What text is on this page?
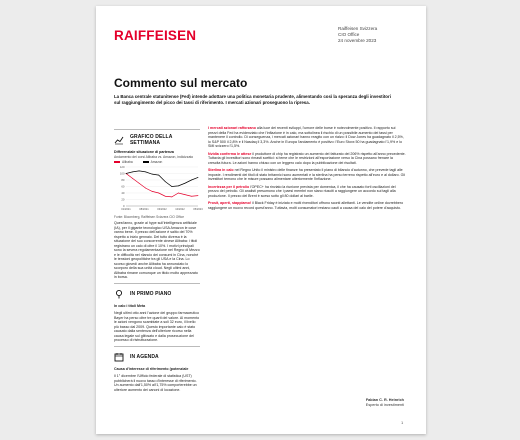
RAIFFEISEN	Raiffeisen Svizzera
CIO Office
24 novembre 2023
Commento sul mercato
La Banca centrale statunitense (Fed) intende adottare una politica monetaria prudente, alimentando così la speranza degli investitori sul raggiungimento del picco dei tassi di riferimento. I mercati azionari proseguono la ripresa.
GRAFICO DELLA SETTIMANA
Differenziale situazione di partenza
Andamento dei corsi Alibaba vs. Amazon, indicizzato
Alibaba	Amazon
0
20
40
60
80
100
120
01/2021	08/2021	03/2022	10/2022	05/2023
Fonte: Bloomberg, Raiffeisen Svizzera CIO Office
Quest'anno, grazie al hype sull'intelligenza artificiale (IA), per il gigante tecnologico USA Amazon le cose vanno bene. Il prezzo dell'azione è salito del 70% rispetto a inizio gennaio. Del tutto diversa è la situazione del suo concorrente cinese Alibaba: i titoli registrano un calo di oltre il 10%. I motivi principali sono la severa regolamentazione nel Regno di Mezzo e le difficoltà nel rilancio dei consumi in Cina, nonché le tensioni geopolitiche tra gli USA e la Cina. Lo scorso giovedì anche Alibaba ha annunciato lo scorporo della sua unità cloud. Negli ultimi anni, Alibaba rimane comunque un titolo molto apprezzato in borsa.
IN PRIMO PIANO
In calo i titoli Meta
Negli ultimi otto anni l'azione del gruppo farmaceutico Bayer ha perso oltre tre quarti del valore. Al momento le azioni vengono scambiate a soli 32 euro, il livello più basso dal 2009. Questo importante calo è stato causato dalla sentenza dell'ulteriore ricorso nella causa legale sul glifosato e dalla prosecuzione del processo di ristrutturazione.
IN AGENDA
Causa d'interesse di riferimento (potenziale
Il 1° dicembre l'Ufficio federale di statistica (UST) pubblicherà il nuovo tasso d'interesse di riferimento. Un aumento dall'1,50% all'1,75% comporterebbe un ulteriore aumento dei canoni di locazione.

I mercati azionari rafforzano alla luce dei recenti sviluppi, l'umore delle borse è notevolmente positivo. Il rapporto sui prezzi della Fed ha evidenziato che l'inflazione è in calo, ma sottolinea il rischio di un possibile aumento dei tassi per mantenere il controllo. Di conseguenza, i mercati azionari hanno reagito con un rialzo: il Dow Jones ha guadagnato il 2,5%, lo S&P 500 il 2,8% e il Nasdaq il 3,3%. Anche in Europa l'andamento è positivo: l'Euro Stoxx 50 ha guadagnato l'1,9% e lo SMI svizzero l'1,5%.

Nvidia conferma le attese il produttore di chip ha registrato un aumento del fatturato del 206% rispetto all'anno precedente. Tuttavia gli investitori sono rimasti scettici: si teme che le restrizioni all'esportazione verso la Cina possano frenare la crescita futura. Le azioni hanno chiuso con un leggero calo dopo la pubblicazione dei risultati.

Sterlina in calo nel Regno Unito il ministro delle finanze ha presentato il piano di bilancio d'autunno, che prevede tagli alle imposte. I rendimenti dei titoli di stato britannici sono aumentati e la sterlina ha perso terreno rispetto all'euro e al dollaro. Gli investitori temono che le misure possano alimentare ulteriormente l'inflazione.

Incertezza per il petrolio l'OPEC+ ha rinviato la riunione prevista per domenica, il che ha causato forti oscillazioni del prezzo del petrolio. Gli analisti presumono che i paesi membri non siano riusciti a raggiungere un accordo sui tagli alla produzione. Il prezzo del Brent è sceso sotto gli 80 dollari al barile.

Prosit, aperti, stappiamo! il Black Friday è iniziato e molti rivenditori offrono sconti allettanti. Le vendite online dovrebbero raggiungere un nuovo record quest'anno. Tuttavia, molti consumatori restano cauti a causa del calo del potere d'acquisto.

Fabian C. R. Heinrich
Esperto di investimenti
1
